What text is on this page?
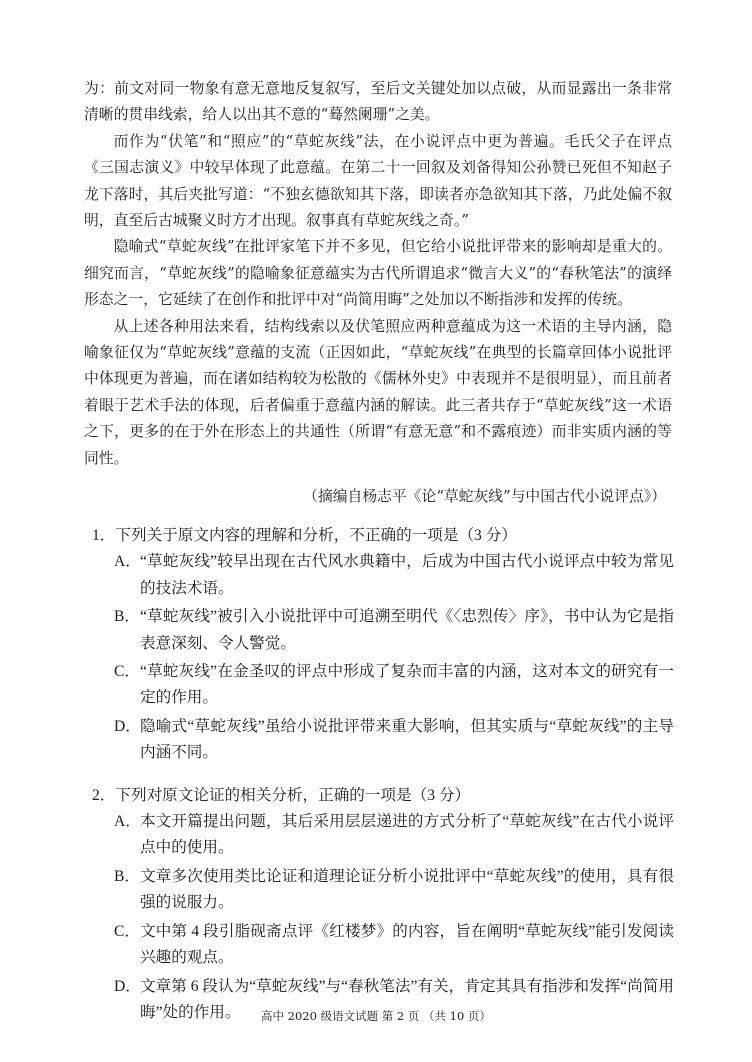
为：前文对同一物象有意无意地反复叙写，至后文关键处加以点破，从而显露出一条非常清晰的贯串线索，给人以出其不意的“蓦然阑珊”之美。

而作为“伏笔”和“照应”的“草蛇灰线”法，在小说评点中更为普遍。毛氏父子在评点《三国志演义》中较早体现了此意蕴。在第二十一回叙及刘备得知公孙赞已死但不知赵子龙下落时，其后夹批写道：“不独玄德欲知其下落，即读者亦急欲知其下落，乃此处偏不叙明，直至后古城聚义时方才出现。叙事真有草蛇灰线之奇。”

隐喻式“草蛇灰线”在批评家笔下并不多见，但它给小说批评带来的影响却是重大的。细究而言，“草蛇灰线”的隐喻象征意蕴实为古代所谓追求“微言大义”的“春秋笔法”的演绎形态之一，它延续了在创作和批评中对“尚简用晦”之处加以不断指涉和发挥的传统。

从上述各种用法来看，结构线索以及伏笔照应两种意蕴成为这一术语的主导内涵，隐喻象征仅为“草蛇灰线”意蕴的支流（正因如此，“草蛇灰线”在典型的长篇章回体小说批评中体现更为普遍，而在诸如结构较为松散的《儒林外史》中表现并不是很明显），而且前者着眼于艺术手法的体现，后者偏重于意蕴内涵的解读。此三者共存于“草蛇灰线”这一术语之下，更多的在于外在形态上的共通性（所谓“有意无意”和不露痕迹）而非实质内涵的等同性。

（摘编自杨志平《论“草蛇灰线”与中国古代小说评点》）

1．下列关于原文内容的理解和分析，不正确的一项是（3 分）

A． “草蛇灰线”较早出现在古代风水典籍中，后成为中国古代小说评点中较为常见的技法术语。

B． “草蛇灰线”被引入小说批评中可追溯至明代《〈忠烈传〉序》，书中认为它是指表意深刻、令人警觉。

C． “草蛇灰线”在金圣叹的评点中形成了复杂而丰富的内涵，这对本文的研究有一定的作用。

D． 隐喻式“草蛇灰线”虽给小说批评带来重大影响，但其实质与“草蛇灰线”的主导内涵不同。

2．下列对原文论证的相关分析，正确的一项是（3 分）

A． 本文开篇提出问题，其后采用层层递进的方式分析了“草蛇灰线”在古代小说评点中的使用。

B． 文章多次使用类比论证和道理论证分析小说批评中“草蛇灰线”的使用，具有很强的说服力。

C． 文中第 4 段引脂砚斋点评《红楼梦》的内容，旨在阐明“草蛇灰线”能引发阅读兴趣的观点。

D． 文章第 6 段认为“草蛇灰线”与“春秋笔法”有关，肯定其具有指涉和发挥“尚简用晦”处的作用。	高中 2020 级语文试题 第 2 页 （共 10 页）
